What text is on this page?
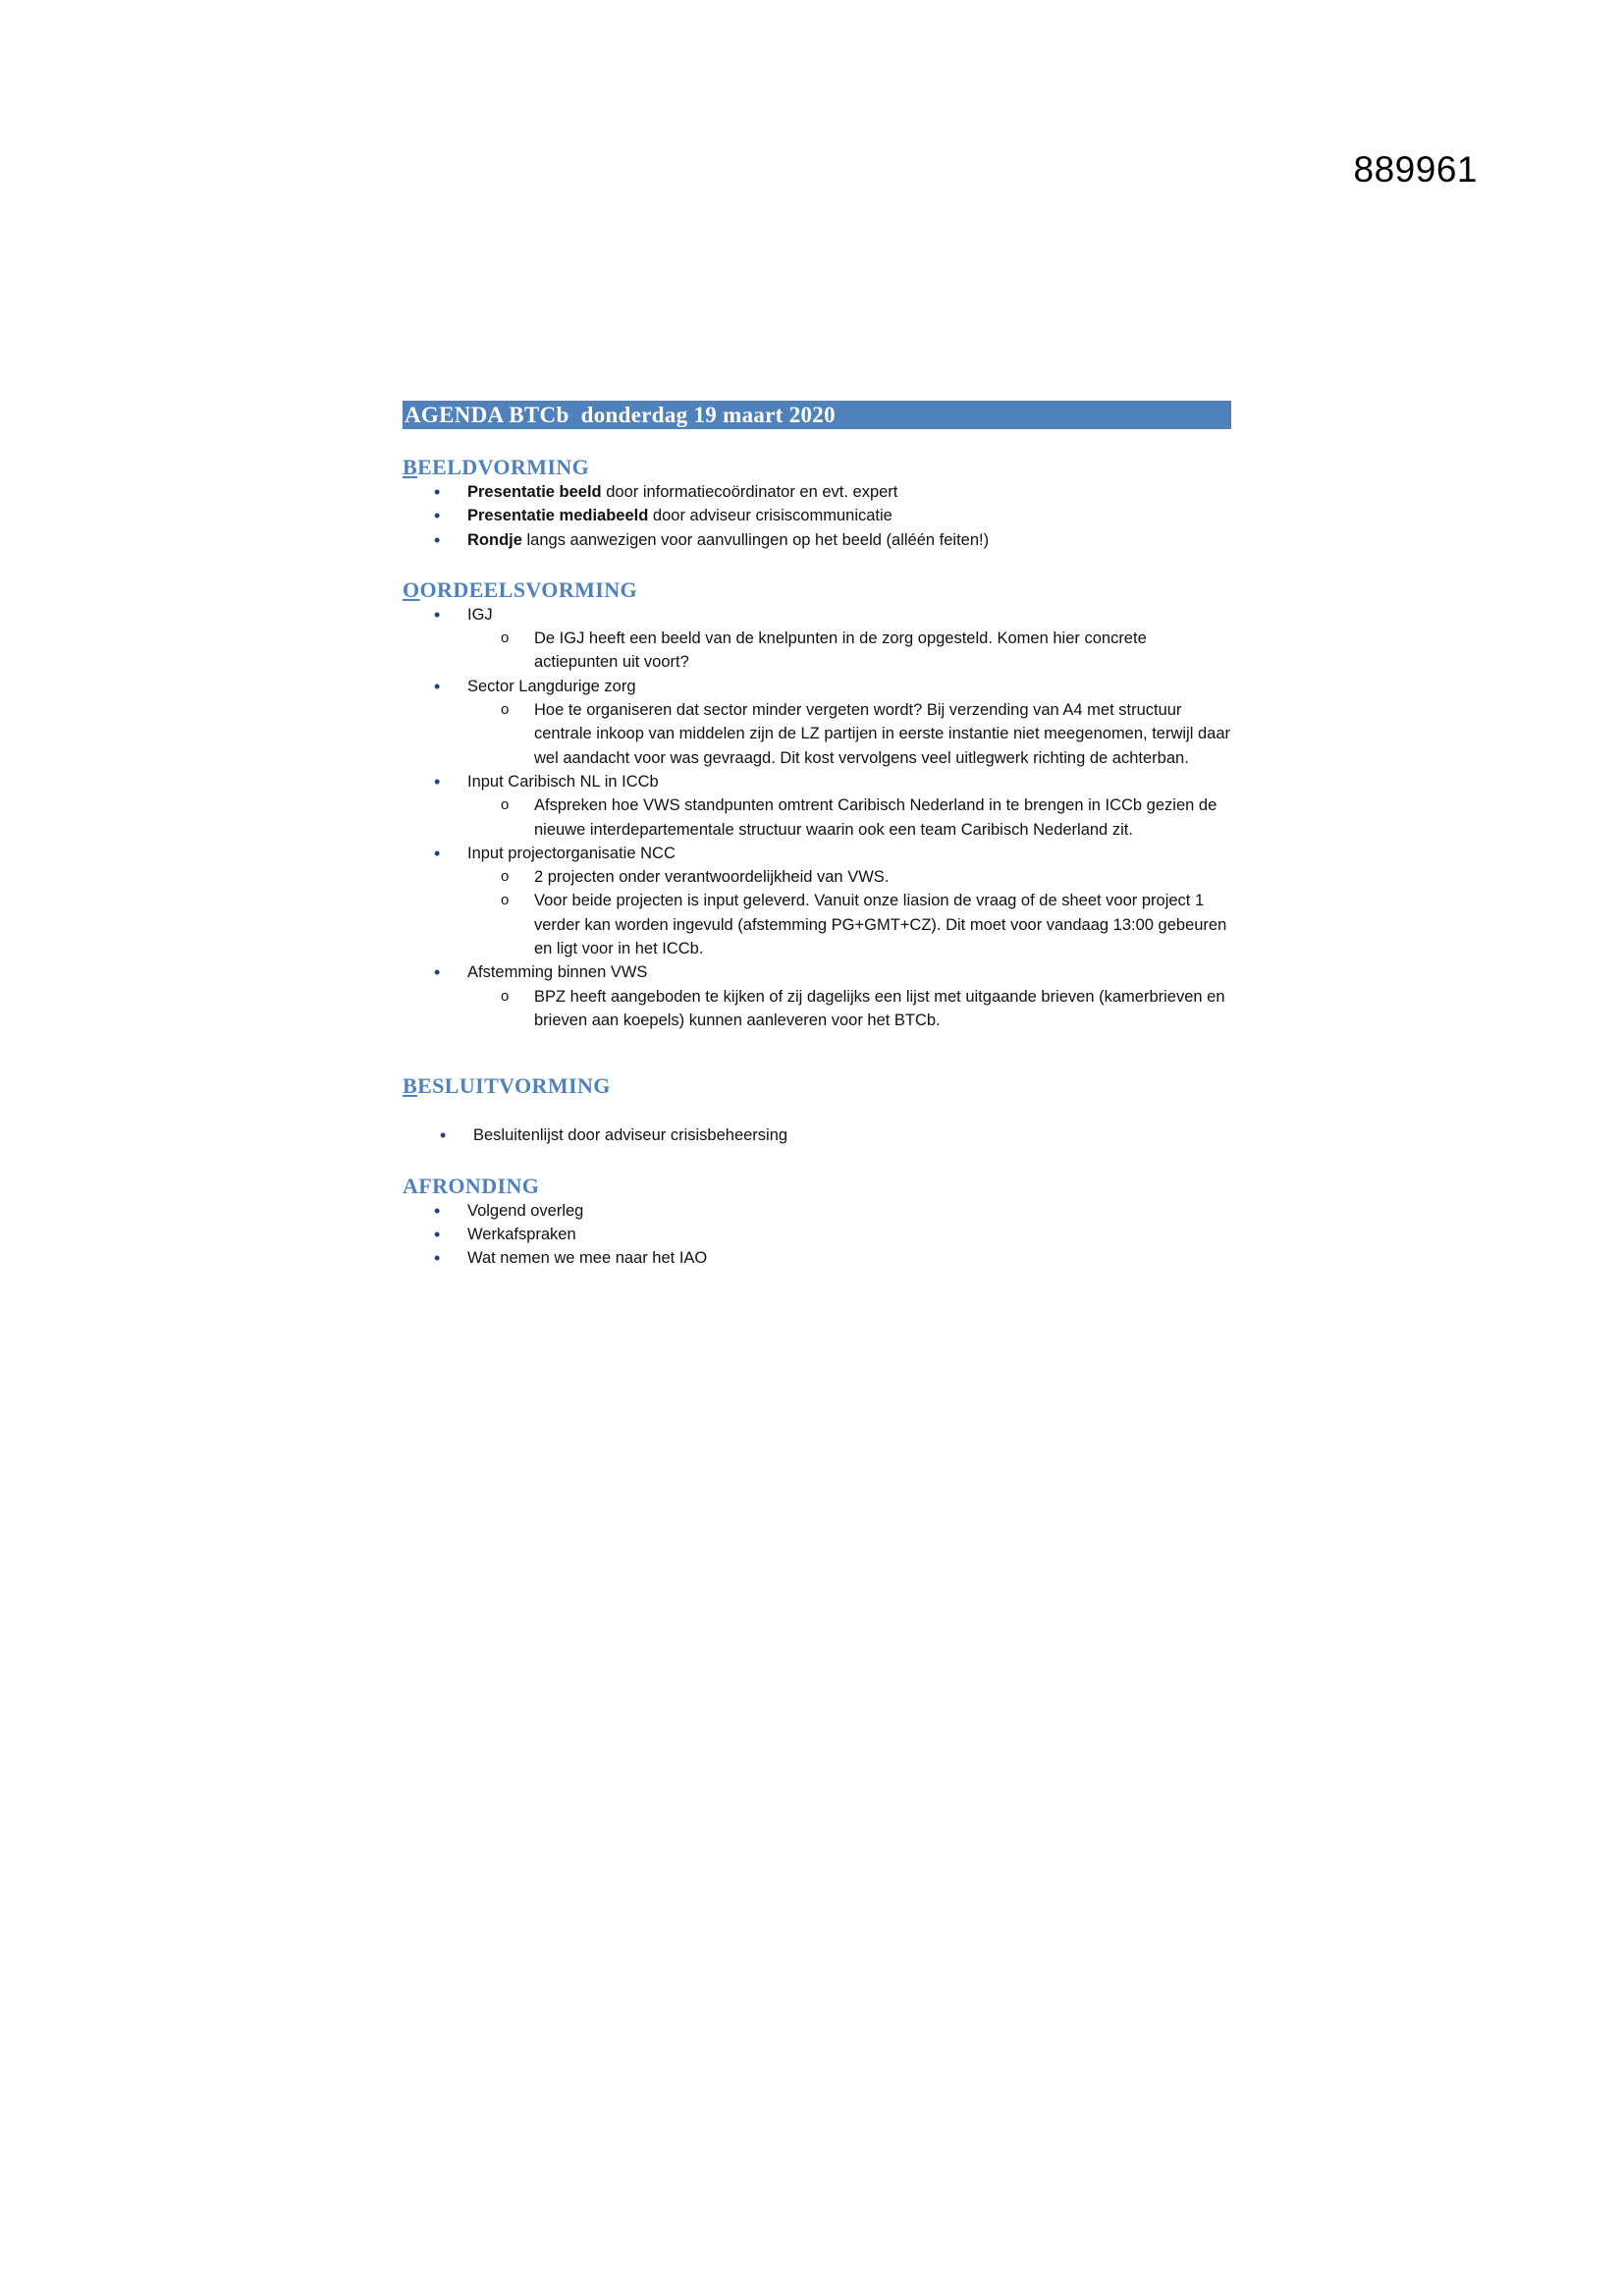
889961
AGENDA BTCb  donderdag 19 maart 2020
BEELDVORMING
• Presentatie beeld door informatiecoördinator en evt. expert
• Presentatie mediabeeld door adviseur crisiscommunicatie
• Rondje langs aanwezigen voor aanvullingen op het beeld (alléén feiten!)
OORDEELSVORMING
• IGJ
o De IGJ heeft een beeld van de knelpunten in de zorg opgesteld. Komen hier concrete actiepunten uit voort?
• Sector Langdurige zorg
o Hoe te organiseren dat sector minder vergeten wordt? Bij verzending van A4 met structuur centrale inkoop van middelen zijn de LZ partijen in eerste instantie niet meegenomen, terwijl daar wel aandacht voor was gevraagd. Dit kost vervolgens veel uitlegwerk richting de achterban.
• Input Caribisch NL in ICCb
o Afspreken hoe VWS standpunten omtrent Caribisch Nederland in te brengen in ICCb gezien de nieuwe interdepartementale structuur waarin ook een team Caribisch Nederland zit.
• Input projectorganisatie NCC
o 2 projecten onder verantwoordelijkheid van VWS.
o Voor beide projecten is input geleverd. Vanuit onze liasion de vraag of de sheet voor project 1 verder kan worden ingevuld (afstemming PG+GMT+CZ). Dit moet voor vandaag 13:00 gebeuren en ligt voor in het ICCb.
• Afstemming binnen VWS
o BPZ heeft aangeboden te kijken of zij dagelijks een lijst met uitgaande brieven (kamerbrieven en brieven aan koepels) kunnen aanleveren voor het BTCb.
BESLUITVORMING
• Besluitenlijst door adviseur crisisbeheersing
AFRONDING
• Volgend overleg
• Werkafspraken
• Wat nemen we mee naar het IAO
